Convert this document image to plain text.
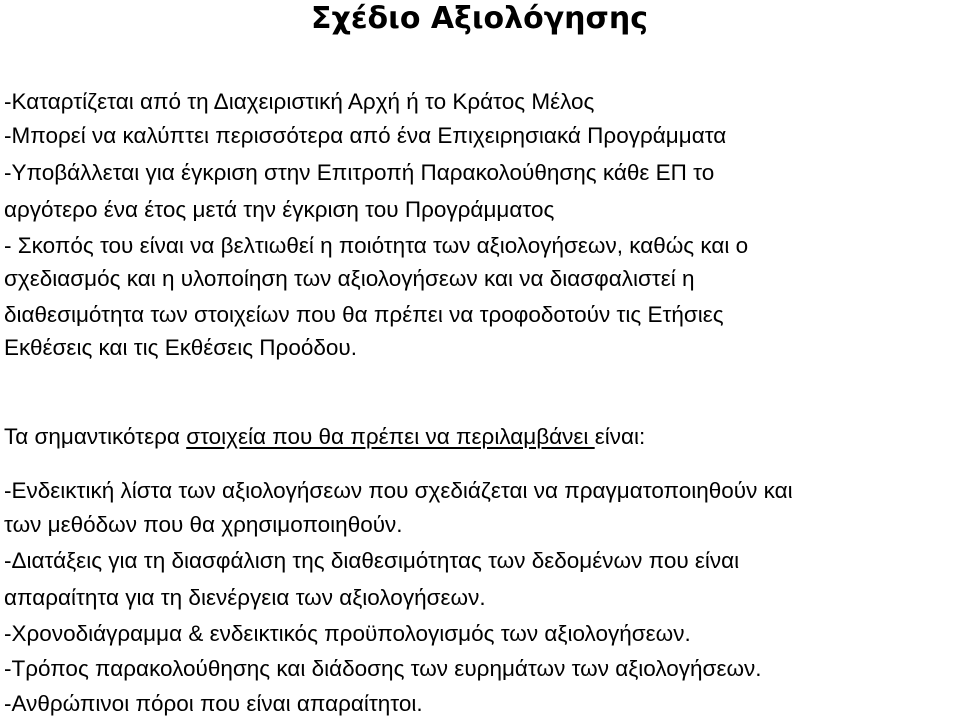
Σχέδιο Αξιολόγησης
-Καταρτίζεται από τη Διαχειριστική Αρχή ή το Κράτος Μέλος
-Μπορεί να καλύπτει περισσότερα από ένα Επιχειρησιακά Προγράμματα
-Υποβάλλεται για έγκριση στην Επιτροπή Παρακολούθησης κάθε ΕΠ το
αργότερο ένα έτος μετά την έγκριση του Προγράμματος
- Σκοπός του είναι να βελτιωθεί η ποιότητα των αξιολογήσεων, καθώς και ο
σχεδιασμός και η υλοποίηση των αξιολογήσεων και να διασφαλιστεί η
διαθεσιμότητα των στοιχείων που θα πρέπει να τροφοδοτούν τις Ετήσιες
Εκθέσεις και τις Εκθέσεις Προόδου.
Τα σημαντικότερα στοιχεία που θα πρέπει να περιλαμβάνει είναι:
-Ενδεικτική λίστα των αξιολογήσεων που σχεδιάζεται να πραγματοποιηθούν και
των μεθόδων που θα χρησιμοποιηθούν.
-Διατάξεις για τη διασφάλιση της διαθεσιμότητας των δεδομένων που είναι
απαραίτητα για τη διενέργεια των αξιολογήσεων.
-Χρονοδιάγραμμα & ενδεικτικός προϋπολογισμός των αξιολογήσεων.
-Τρόπος παρακολούθησης και διάδοσης των ευρημάτων των αξιολογήσεων.
-Ανθρώπινοι πόροι που είναι απαραίτητοι.
